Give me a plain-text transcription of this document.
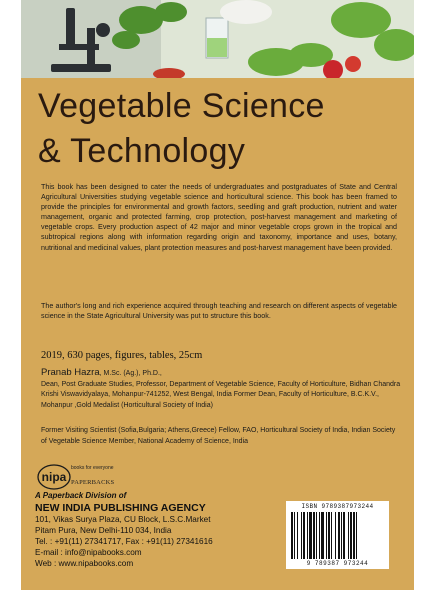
Vegetable Science
& Technology

This book has been designed to cater the needs of undergraduates and postgraduates of State and Central Agricultural Universities studying vegetable science and horticultural science. This book has been framed to provide the principles for environmental and growth factors, seedling and graft production, nutrient and water management, organic and protected farming, crop protection, post-harvest management and marketing of vegetable crops. Every production aspect of 42 major and minor vegetable crops grown in the tropical and subtropical regions along with information regarding origin and taxonomy, importance and uses, botany, nutritional and medicinal values, plant protection measures and post-harvest management have been provided.

The author's long and rich experience acquired through teaching and research on different aspects of vegetable science in the State Agricultural University was put to structure this book.

2019, 630 pages, figures, tables, 25cm

Pranab Hazra, M.Sc. (Ag.), Ph.D.,
Dean, Post Graduate Studies, Professor, Department of Vegetable Science, Faculty of Horticulture, Bidhan Chandra Krishi Viswavidyalaya, Mohanpur-741252, West Bengal, India Former Dean, Faculty of Horticulture, B.C.K.V., Mohanpur ,Gold Medalist (Horticultural Society of India)

Former Visiting Scientist (Sofia,Bulgaria; Athens,Greece) Fellow, FAO, Horticultural Society of India, Indian Society of Vegetable Science Member, National Academy of Science, India

nipa
books for everyone
PAPERBACKS
A Paperback Division of
NEW INDIA PUBLISHING AGENCY
101, Vikas Surya Plaza, CU Block, L.S.C.Market
Pitam Pura, New Delhi-110 034, India
Tel. : +91(11) 27341717, Fax : +91(11) 27341616
E-mail : info@nipabooks.com
Web : www.nipabooks.com
ISBN 9789387973244
9 789387 973244
